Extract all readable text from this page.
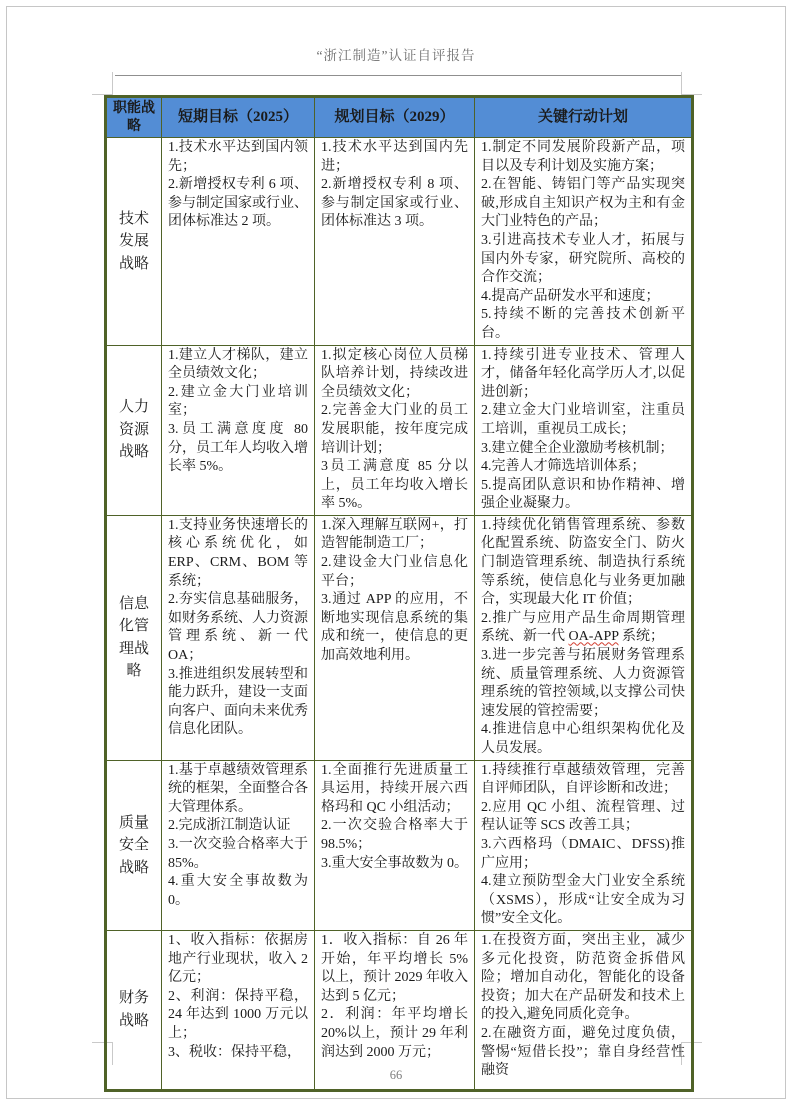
“浙江制造”认证自评报告
职能战略	短期目标（2025）	规划目标（2029）	关键行动计划
技术发展战略	1.技术水平达到国内领先；
2.新增授权专利 6 项、参与制定国家或行业、团体标准达 2 项。	1.技术水平达到国内先进；
2.新增授权专利 8 项、参与制定国家或行业、团体标准达 3 项。	1.制定不同发展阶段新产品，项目以及专利计划及实施方案；
2.在智能、铸铝门等产品实现突破,形成自主知识产权为主和有金大门业特色的产品；
3.引进高技术专业人才，拓展与国内外专家，研究院所、高校的合作交流；
4.提高产品研发水平和速度；
5.持续不断的完善技术创新平台。

人力资源战略	1.建立人才梯队，建立全员绩效文化；
2.建立金大门业培训室；
3.员工满意度度 80 分，员工年人均收入增长率 5%。	1.拟定核心岗位人员梯队培养计划，持续改进全员绩效文化；
2.完善金大门业的员工发展职能，按年度完成培训计划；
3员工满意度 85 分以上，员工年均收入增长率 5%。	1.持续引进专业技术、管理人才，储备年轻化高学历人才,以促进创新；
2.建立金大门业培训室，注重员工培训，重视员工成长；
3.建立健全企业激励考核机制；
4.完善人才筛选培训体系；
5.提高团队意识和协作精神、增强企业凝聚力。

信息化管理战略	1.支持业务快速增长的核心系统优化，如 ERP、CRM、BOM 等系统；
2.夯实信息基础服务，如财务系统、人力资源管理系统、新一代 OA；
3.推进组织发展转型和能力跃升，建设一支面向客户、面向未来优秀信息化团队。	1.深入理解互联网+，打造智能制造工厂；
2.建设金大门业信息化平台；
3.通过 APP 的应用，不断地实现信息系统的集成和统一，使信息的更加高效地利用。	1.持续优化销售管理系统、参数化配置系统、防盗安全门、防火门制造管理系统、制造执行系统等系统，使信息化与业务更加融合，实现最大化 IT 价值；
2.推广与应用产品生命周期管理系统、新一代 OA-APP 系统；
3.进一步完善与拓展财务管理系统、质量管理系统、人力资源管理系统的管控领域,以支撑公司快速发展的管控需要；
4.推进信息中心组织架构优化及人员发展。

质量安全战略	1.基于卓越绩效管理系统的框架，全面整合各大管理体系。
2.完成浙江制造认证
3.一次交验合格率大于85%。
4.重大安全事故数为0。	1.全面推行先进质量工具运用，持续开展六西格玛和 QC 小组活动；
2.一次交验合格率大于98.5%；
3.重大安全事故数为 0。	1.持续推行卓越绩效管理，完善自评师团队，自评诊断和改进；
2.应用 QC 小组、流程管理、过程认证等 SCS 改善工具；
3.六西格玛（DMAIC、DFSS)推广应用；
4.建立预防型金大门业安全系统（XSMS），形成“让安全成为习惯”安全文化。

财务战略	1、收入指标：依据房地产行业现状，收入 2 亿元；
2、利润：保持平稳，24 年达到 1000 万元以上；
3、税收：保持平稳，	1．收入指标：自 26 年开始，年平均增长 5%以上，预计 2029 年收入达到 5 亿元；
2．利润：年平均增长20%以上，预计 29 年利润达到 2000 万元；	1.在投资方面，突出主业，减少多元化投资，防范资金拆借风险；增加自动化，智能化的设备投资；加大在产品研发和技术上的投入,避免同质化竞争。
2.在融资方面，避免过度负债，警惕“短借长投”；靠自身经营性融资
66
